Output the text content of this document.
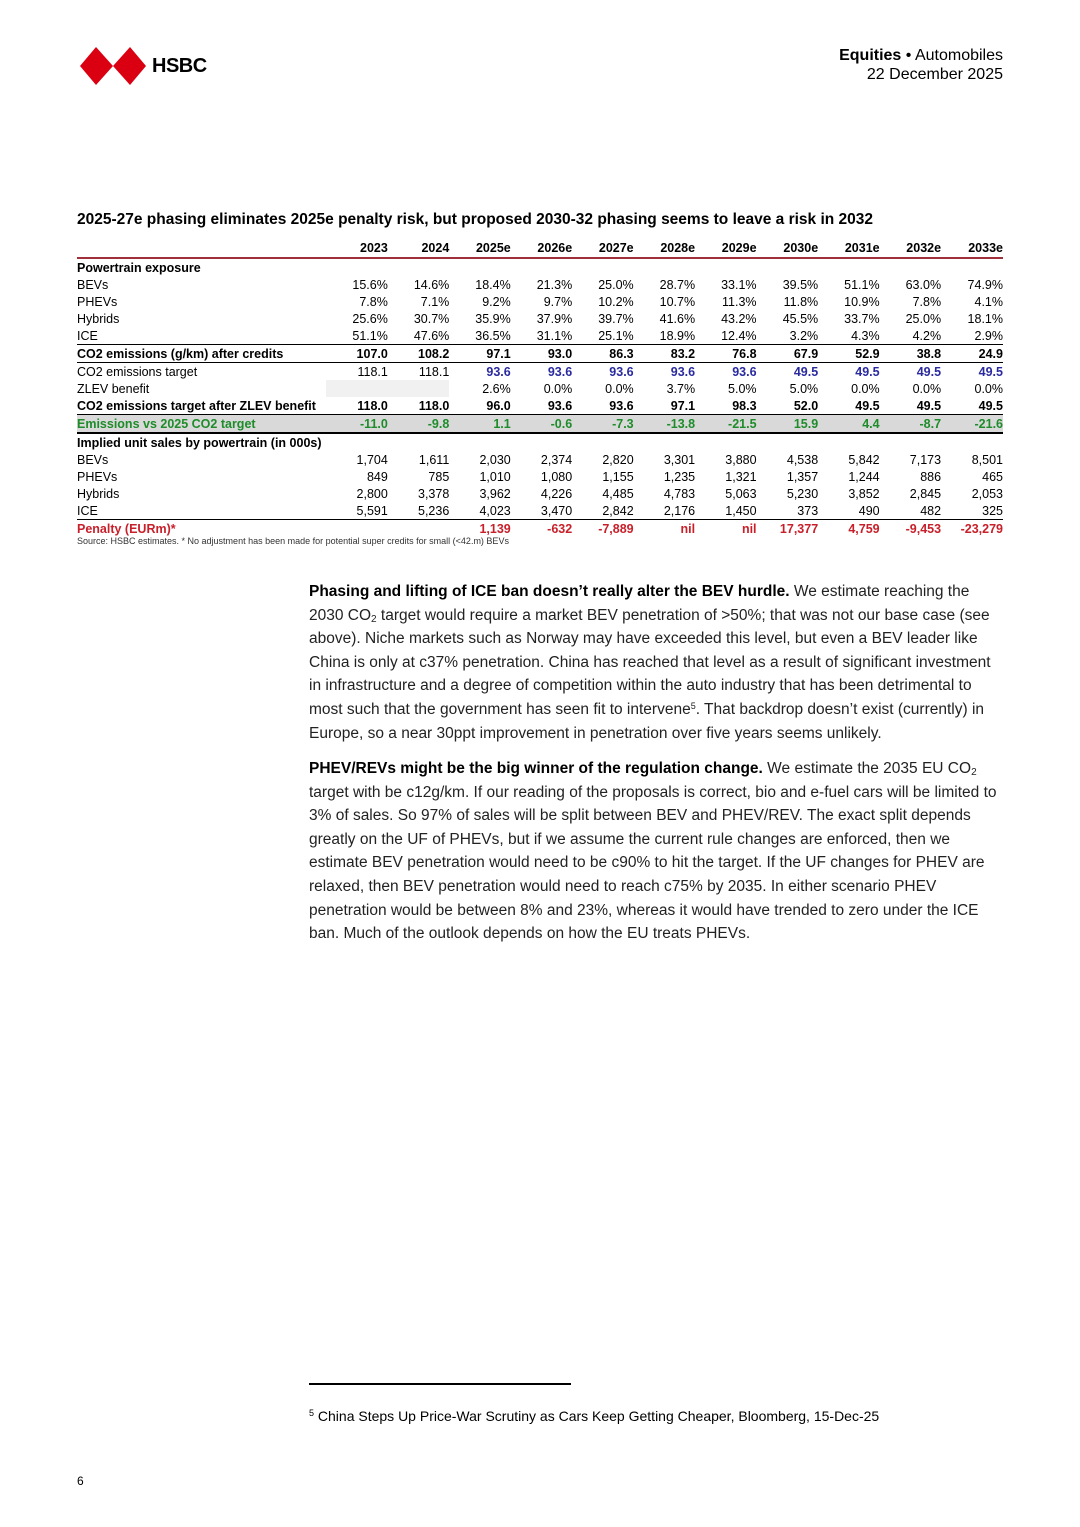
HSBC	Equities • Automobiles
22 December 2025
2025-27e phasing eliminates 2025e penalty risk, but proposed 2030-32 phasing seems to leave a risk in 2032
	2023	2024	2025e	2026e	2027e	2028e	2029e	2030e	2031e	2032e	2033e
Powertrain exposure											
BEVs	15.6%	14.6%	18.4%	21.3%	25.0%	28.7%	33.1%	39.5%	51.1%	63.0%	74.9%
PHEVs	7.8%	7.1%	9.2%	9.7%	10.2%	10.7%	11.3%	11.8%	10.9%	7.8%	4.1%
Hybrids	25.6%	30.7%	35.9%	37.9%	39.7%	41.6%	43.2%	45.5%	33.7%	25.0%	18.1%
ICE	51.1%	47.6%	36.5%	31.1%	25.1%	18.9%	12.4%	3.2%	4.3%	4.2%	2.9%
CO2 emissions (g/km) after credits	107.0	108.2	97.1	93.0	86.3	83.2	76.8	67.9	52.9	38.8	24.9
CO2 emissions target	118.1	118.1	93.6	93.6	93.6	93.6	93.6	49.5	49.5	49.5	49.5
ZLEV benefit			2.6%	0.0%	0.0%	3.7%	5.0%	5.0%	0.0%	0.0%	0.0%
CO2 emissions target after ZLEV benefit	118.0	118.0	96.0	93.6	93.6	97.1	98.3	52.0	49.5	49.5	49.5
Emissions vs 2025 CO2 target	-11.0	-9.8	1.1	-0.6	-7.3	-13.8	-21.5	15.9	4.4	-8.7	-21.6
Implied unit sales by powertrain (in 000s)											
BEVs	1,704	1,611	2,030	2,374	2,820	3,301	3,880	4,538	5,842	7,173	8,501
PHEVs	849	785	1,010	1,080	1,155	1,235	1,321	1,357	1,244	886	465
Hybrids	2,800	3,378	3,962	4,226	4,485	4,783	5,063	5,230	3,852	2,845	2,053
ICE	5,591	5,236	4,023	3,470	2,842	2,176	1,450	373	490	482	325
Penalty (EURm)*			1,139	-632	-7,889	nil	nil	17,377	4,759	-9,453	-23,279
Source: HSBC estimates. * No adjustment has been made for potential super credits for small (<42.m) BEVs
Phasing and lifting of ICE ban doesn’t really alter the BEV hurdle. We estimate reaching the 2030 $CO_2$ target would require a market BEV penetration of >50%; that was not our base case (see above). Niche markets such as Norway may have exceeded this level, but even a BEV leader like China is only at c37% penetration. China has reached that level as a result of significant investment in infrastructure and a degree of competition within the auto industry that has been detrimental to most such that the government has seen fit to intervene$^5$. That backdrop doesn’t exist (currently) in Europe, so a near 30ppt improvement in penetration over five years seems unlikely.
PHEV/REVs might be the big winner of the regulation change. We estimate the 2035 EU $CO_2$ target with be c12g/km. If our reading of the proposals is correct, bio and e-fuel cars will be limited to 3% of sales. So 97% of sales will be split between BEV and PHEV/REV. The exact split depends greatly on the UF of PHEVs, but if we assume the current rule changes are enforced, then we estimate BEV penetration would need to be c90% to hit the target. If the UF changes for PHEV are relaxed, then BEV penetration would need to reach c75% by 2035. In either scenario PHEV penetration would be between 8% and 23%, whereas it would have trended to zero under the ICE ban. Much of the outlook depends on how the EU treats PHEVs.
$^5$ China Steps Up Price-War Scrutiny as Cars Keep Getting Cheaper, Bloomberg, 15-Dec-25
6
